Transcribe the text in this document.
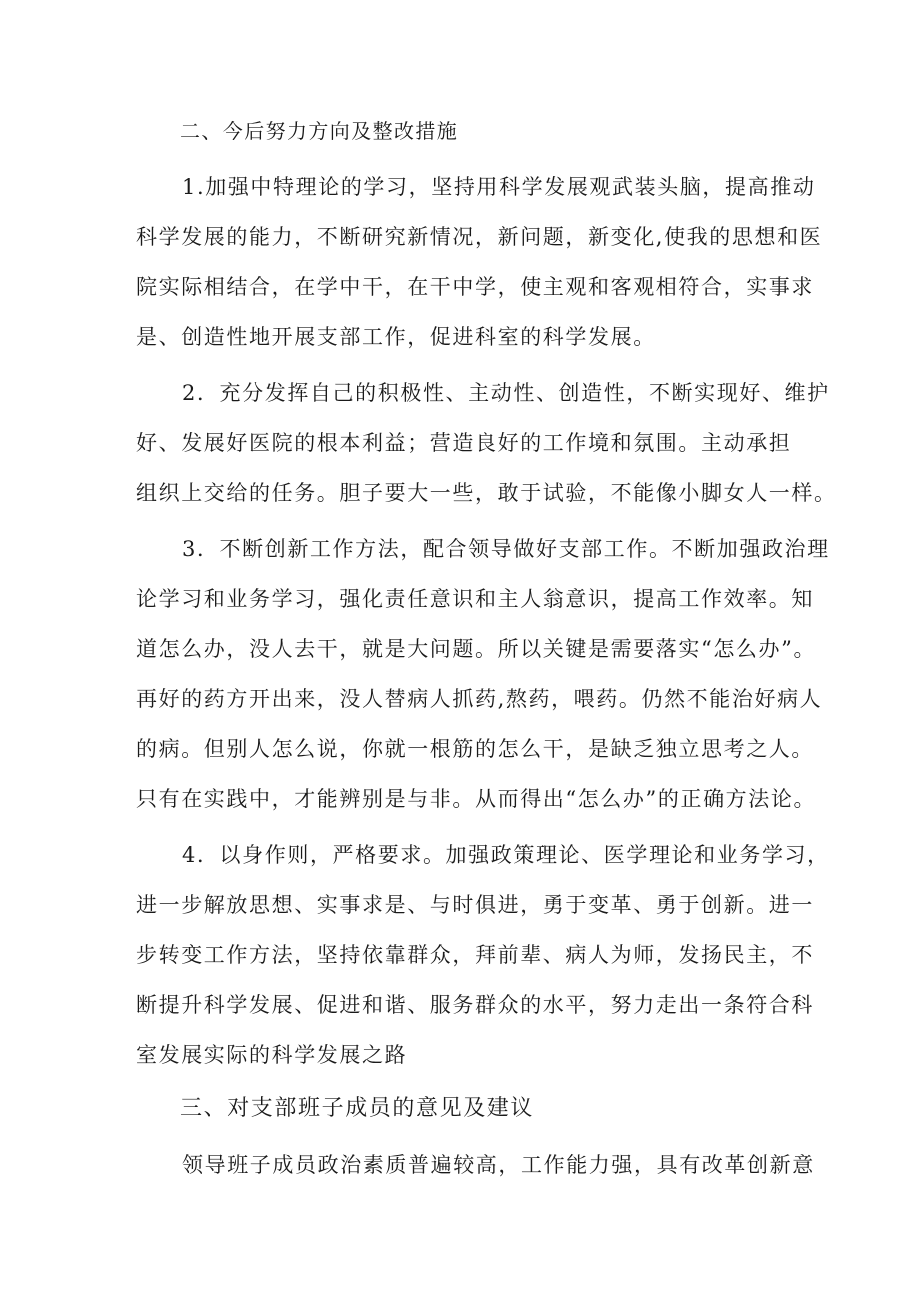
二、今后努力方向及整改措施
1.加强中特理论的学习，坚持用科学发展观武装头脑，提高推动
科学发展的能力，不断研究新情况，新问题，新变化,使我的思想和医
院实际相结合，在学中干，在干中学，使主观和客观相符合，实事求
是、创造性地开展支部工作，促进科室的科学发展。
2．充分发挥自己的积极性、主动性、创造性，不断实现好、维护
好、发展好医院的根本利益；营造良好的工作境和氛围。主动承担
组织上交给的任务。胆子要大一些，敢于试验，不能像小脚女人一样。
3．不断创新工作方法，配合领导做好支部工作。不断加强政治理
论学习和业务学习，强化责任意识和主人翁意识，提高工作效率。知
道怎么办，没人去干，就是大问题。所以关键是需要落实“怎么办”。
再好的药方开出来，没人替病人抓药,熬药，喂药。仍然不能治好病人
的病。但别人怎么说，你就一根筋的怎么干，是缺乏独立思考之人。
只有在实践中，才能辨别是与非。从而得出“怎么办”的正确方法论。
4．以身作则，严格要求。加强政策理论、医学理论和业务学习，
进一步解放思想、实事求是、与时俱进，勇于变革、勇于创新。进一
步转变工作方法，坚持依靠群众，拜前辈、病人为师，发扬民主，不
断提升科学发展、促进和谐、服务群众的水平，努力走出一条符合科
室发展实际的科学发展之路
三、对支部班子成员的意见及建议
领导班子成员政治素质普遍较高，工作能力强，具有改革创新意
